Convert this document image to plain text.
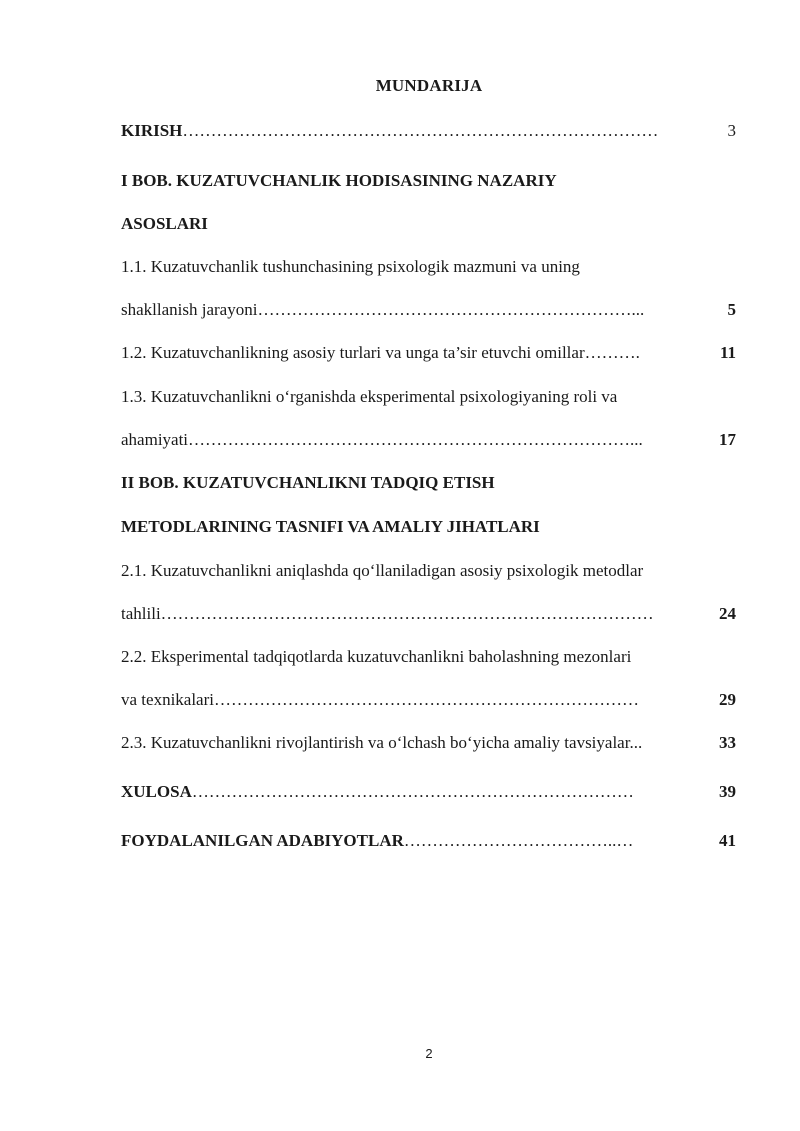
MUNDARIJA
KIRISH…………………………………………………………………………	3
I BOB. KUZATUVCHANLIK HODISASINING NAZARIY
ASOSLARI
1.1. Kuzatuvchanlik tushunchasining psixologik mazmuni va uning
shakllanish jarayoni…………………………………………………………...	5
1.2. Kuzatuvchanlikning asosiy turlari va unga ta’sir etuvchi omillar……….	11
1.3. Kuzatuvchanlikni o‘rganishda eksperimental psixologiyaning roli va
ahamiyati……………………………………………………………………...	17
II BOB. KUZATUVCHANLIKNI TADQIQ ETISH
METODLARINING TASNIFI VA AMALIY JIHATLARI
2.1. Kuzatuvchanlikni aniqlashda qo‘llaniladigan asosiy psixologik metodlar
tahlili……………………………………………………………………………	24
2.2. Eksperimental tadqiqotlarda kuzatuvchanlikni baholashning mezonlari
va texnikalari…………………………………………………………………	29
2.3. Kuzatuvchanlikni rivojlantirish va o‘lchash bo‘yicha amaliy tavsiyalar...	33
XULOSA……………………………………………………………………	39
FOYDALANILGAN ADABIYOTLAR………………………………..…	41
2
